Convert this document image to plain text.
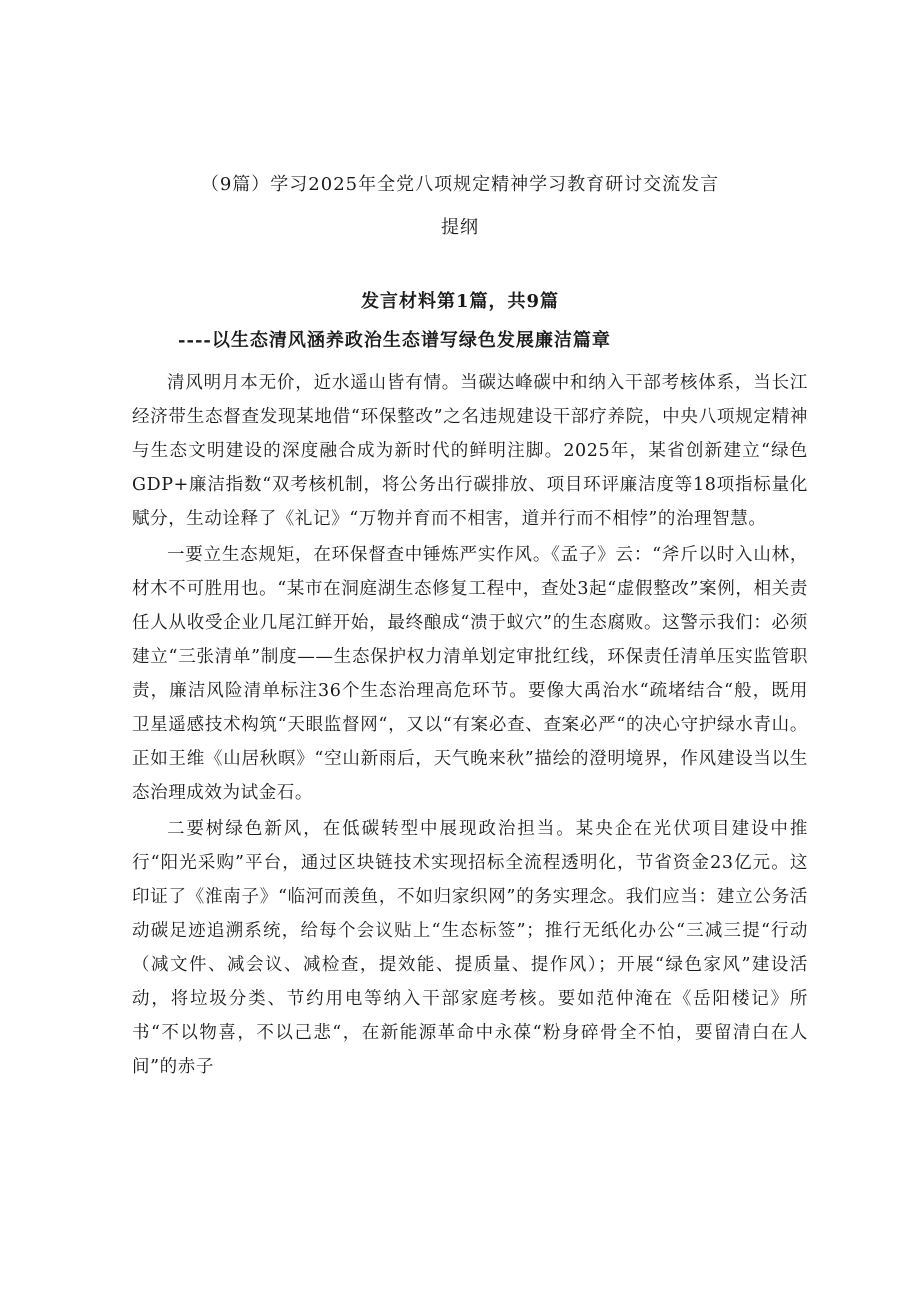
（9篇）学习2025年全党八项规定精神学习教育研讨交流发言
提纲
发言材料第1篇，共9篇
----以生态清风涵养政治生态谱写绿色发展廉洁篇章

清风明月本无价，近水遥山皆有情。当碳达峰碳中和纳入干部考核体系，当长江经济带生态督查发现某地借“环保整改”之名违规建设干部疗养院，中央八项规定精神与生态文明建设的深度融合成为新时代的鲜明注脚。2025年，某省创新建立“绿色GDP+廉洁指数“双考核机制，将公务出行碳排放、项目环评廉洁度等18项指标量化赋分，生动诠释了《礼记》“万物并育而不相害，道并行而不相悖”的治理智慧。

一要立生态规矩，在环保督查中锤炼严实作风。《孟子》云：“斧斤以时入山林，材木不可胜用也。“某市在洞庭湖生态修复工程中，查处3起“虚假整改”案例，相关责任人从收受企业几尾江鲜开始，最终酿成“溃于蚁穴”的生态腐败。这警示我们：必须建立“三张清单”制度——生态保护权力清单划定审批红线，环保责任清单压实监管职责，廉洁风险清单标注36个生态治理高危环节。要像大禹治水“疏堵结合“般，既用卫星遥感技术构筑“天眼监督网“，又以“有案必查、查案必严“的决心守护绿水青山。正如王维《山居秋暝》“空山新雨后，天气晚来秋”描绘的澄明境界，作风建设当以生态治理成效为试金石。

二要树绿色新风，在低碳转型中展现政治担当。某央企在光伏项目建设中推行“阳光采购”平台，通过区块链技术实现招标全流程透明化，节省资金23亿元。这印证了《淮南子》“临河而羡鱼，不如归家织网”的务实理念。我们应当：建立公务活动碳足迹追溯系统，给每个会议贴上“生态标签”；推行无纸化办公“三减三提“行动（减文件、减会议、减检查，提效能、提质量、提作风）；开展“绿色家风”建设活动，将垃圾分类、节约用电等纳入干部家庭考核。要如范仲淹在《岳阳楼记》所书“不以物喜，不以己悲“，在新能源革命中永葆“粉身碎骨全不怕，要留清白在人间”的赤子
